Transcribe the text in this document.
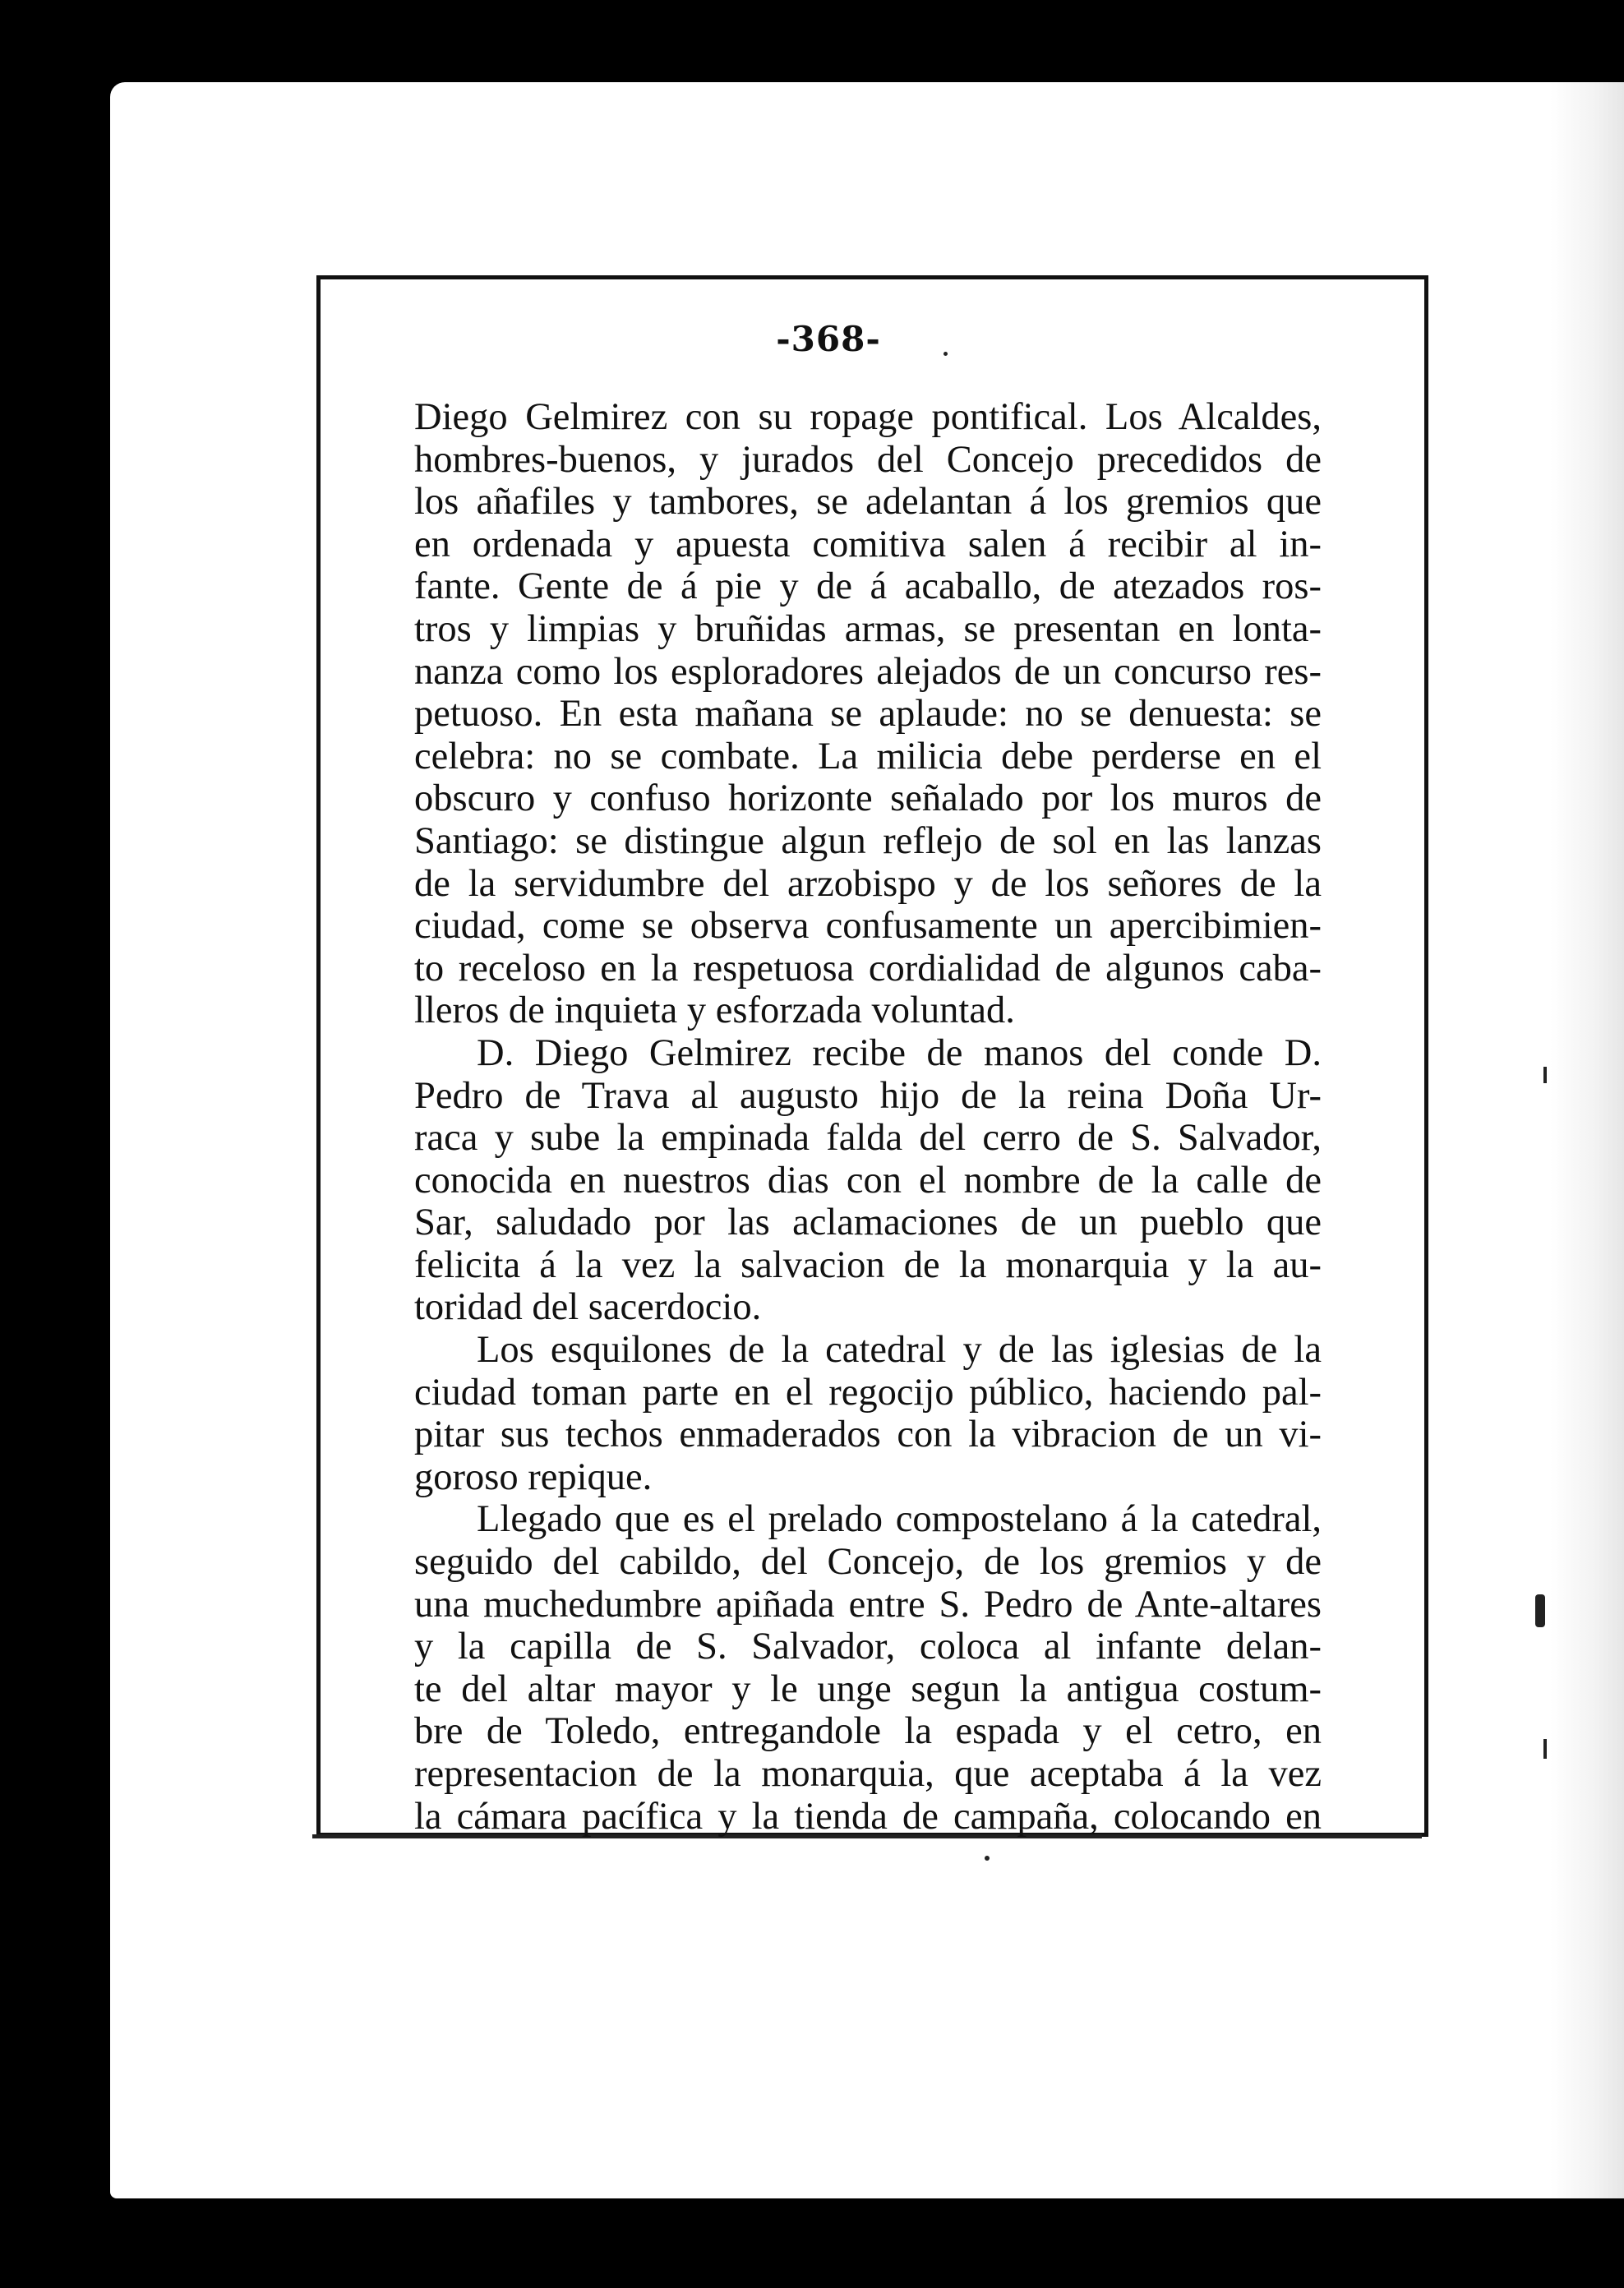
-368-
Diego Gelmirez con su ropage pontifical. Los Alcaldes,
hombres-buenos, y jurados del Concejo precedidos de
los añafiles y tambores, se adelantan á los gremios que
en ordenada y apuesta comitiva salen á recibir al in-
fante. Gente de á pie y de á acaballo, de atezados ros-
tros y limpias y bruñidas armas, se presentan en lonta-
nanza como los esploradores alejados de un concurso res-
petuoso. En esta mañana se aplaude: no se denuesta: se
celebra: no se combate. La milicia debe perderse en el
obscuro y confuso horizonte señalado por los muros de
Santiago: se distingue algun reflejo de sol en las lanzas
de la servidumbre del arzobispo y de los señores de la
ciudad, come se observa confusamente un apercibimien-
to receloso en la respetuosa cordialidad de algunos caba-
lleros de inquieta y esforzada voluntad.
D. Diego Gelmirez recibe de manos del conde D.
Pedro de Trava al augusto hijo de la reina Doña Ur-
raca y sube la empinada falda del cerro de S. Salvador,
conocida en nuestros dias con el nombre de la calle de
Sar, saludado por las aclamaciones de un pueblo que
felicita á la vez la salvacion de la monarquia y la au-
toridad del sacerdocio.
Los esquilones de la catedral y de las iglesias de la
ciudad toman parte en el regocijo público, haciendo pal-
pitar sus techos enmaderados con la vibracion de un vi-
goroso repique.
Llegado que es el prelado compostelano á la catedral,
seguido del cabildo, del Concejo, de los gremios y de
una muchedumbre apiñada entre S. Pedro de Ante-altares
y la capilla de S. Salvador, coloca al infante delan-
te del altar mayor y le unge segun la antigua costum-
bre de Toledo, entregandole la espada y el cetro, en
representacion de la monarquia, que aceptaba á la vez
la cámara pacífica y la tienda de campaña, colocando en
